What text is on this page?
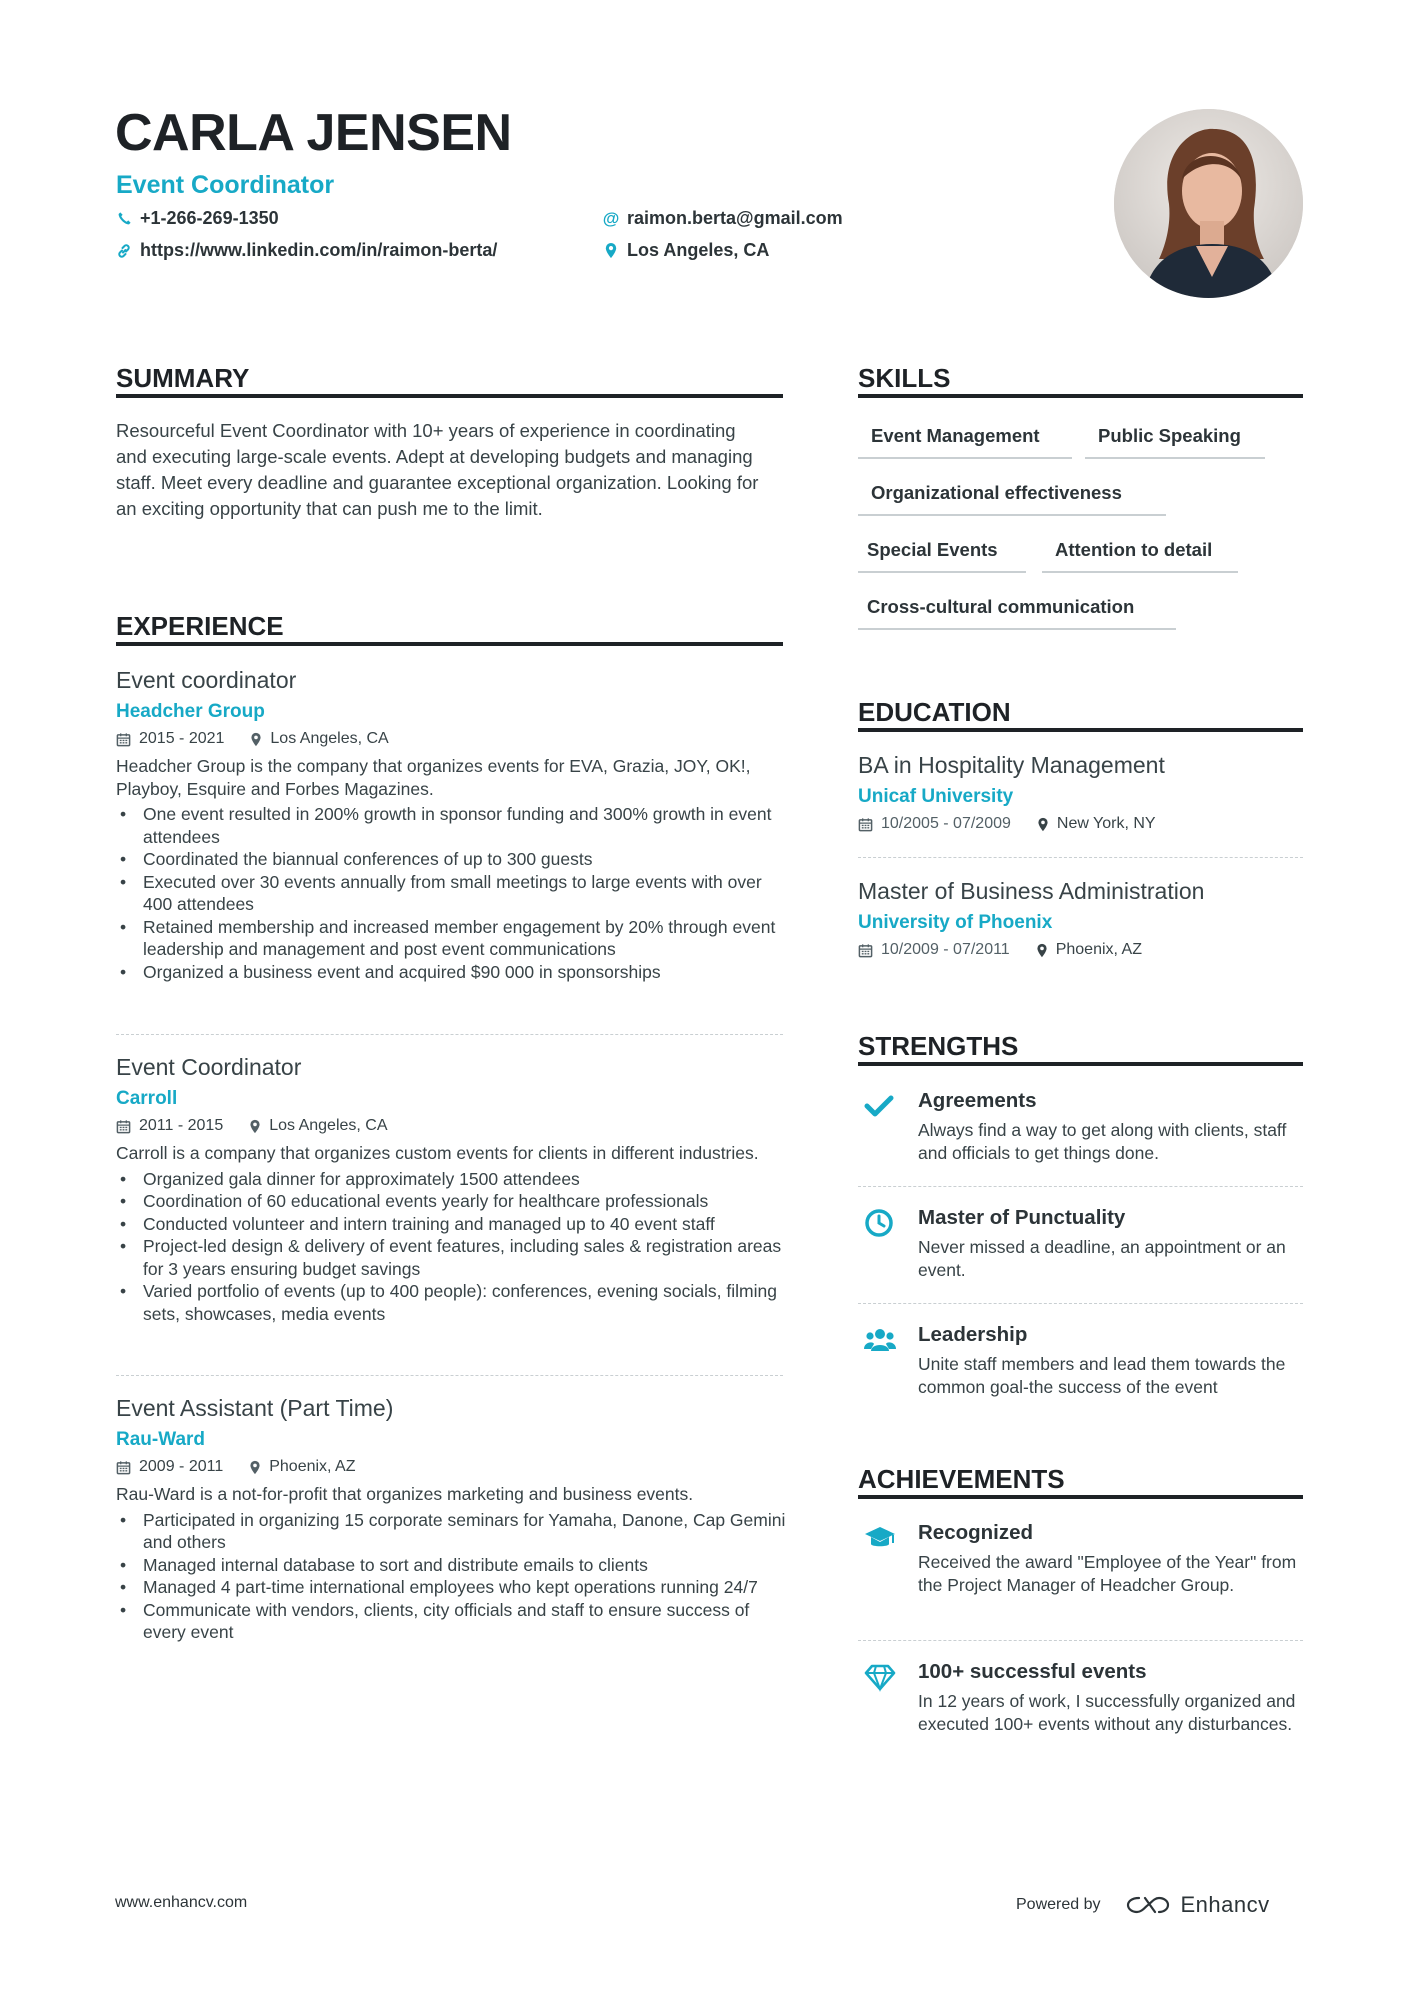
CARLA JENSEN
Event Coordinator
+1-266-269-1350
https://www.linkedin.com/in/raimon-berta/
@ raimon.berta@gmail.com
Los Angeles, CA
SUMMARY
Resourceful Event Coordinator with 10+ years of experience in coordinating and executing large-scale events. Adept at developing budgets and managing staff. Meet every deadline and guarantee exceptional organization. Looking for an exciting opportunity that can push me to the limit.
EXPERIENCE
Event coordinator
Headcher Group
2015 - 2021	Los Angeles, CA
Headcher Group is the company that organizes events for EVA, Grazia, JOY, OK!, Playboy, Esquire and Forbes Magazines.
• One event resulted in 200% growth in sponsor funding and 300% growth in event attendees
• Coordinated the biannual conferences of up to 300 guests
• Executed over 30 events annually from small meetings to large events with over 400 attendees
• Retained membership and increased member engagement by 20% through event leadership and management and post event communications
• Organized a business event and acquired $90 000 in sponsorships
Event Coordinator
Carroll
2011 - 2015	Los Angeles, CA
Carroll is a company that organizes custom events for clients in different industries.
• Organized gala dinner for approximately 1500 attendees
• Coordination of 60 educational events yearly for healthcare professionals
• Conducted volunteer and intern training and managed up to 40 event staff
• Project-led design & delivery of event features, including sales & registration areas for 3 years ensuring budget savings
• Varied portfolio of events (up to 400 people): conferences, evening socials, filming sets, showcases, media events
Event Assistant (Part Time)
Rau-Ward
2009 - 2011	Phoenix, AZ
Rau-Ward is a not-for-profit that organizes marketing and business events.
• Participated in organizing 15 corporate seminars for Yamaha, Danone, Cap Gemini and others
• Managed internal database to sort and distribute emails to clients
• Managed 4 part-time international employees who kept operations running 24/7
• Communicate with vendors, clients, city officials and staff to ensure success of every event
SKILLS
Event Management	Public Speaking
Organizational effectiveness
Special Events	Attention to detail
Cross-cultural communication
EDUCATION
BA in Hospitality Management
Unicaf University
10/2005 - 07/2009	New York, NY
Master of Business Administration
University of Phoenix
10/2009 - 07/2011	Phoenix, AZ
STRENGTHS
Agreements
Always find a way to get along with clients, staff and officials to get things done.
Master of Punctuality
Never missed a deadline, an appointment or an event.
Leadership
Unite staff members and lead them towards the common goal-the success of the event
ACHIEVEMENTS
Recognized
Received the award "Employee of the Year" from the Project Manager of Headcher Group.
100+ successful events
In 12 years of work, I successfully organized and executed 100+ events without any disturbances.
www.enhancv.com	Powered by	Enhancv
